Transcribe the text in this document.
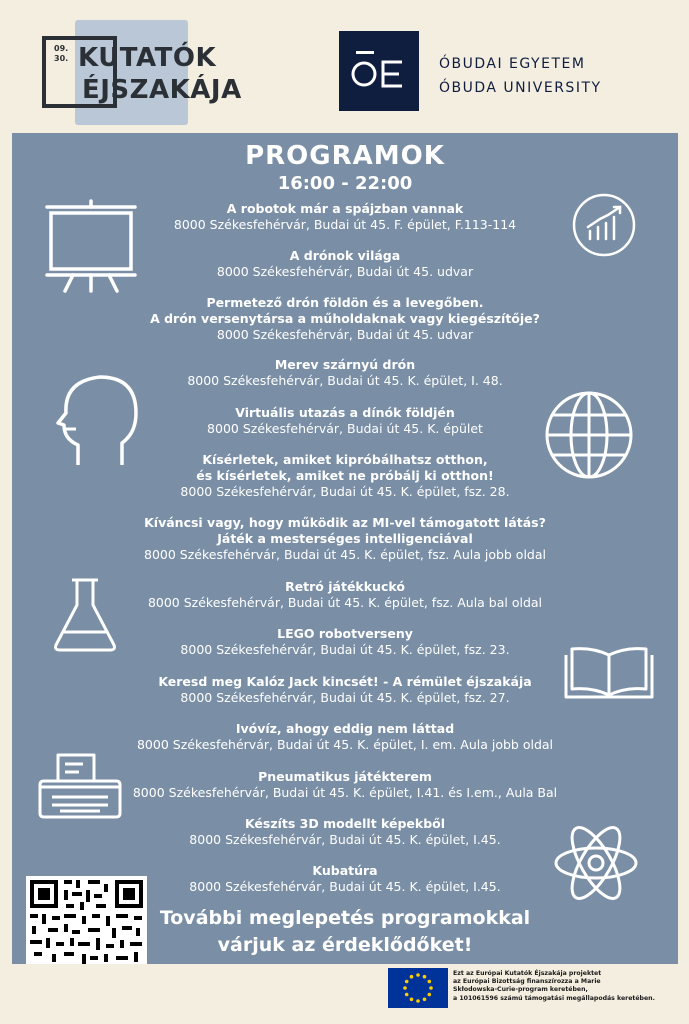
09.
30. KUTATÓK
ÉJSZAKÁJA
ÓBUDAI EGYETEM
ÓBUDA UNIVERSITY
PROGRAMOK
16:00 - 22:00
A robotok már a spájzban vannak
8000 Székesfehérvár, Budai út 45. F. épület, F.113-114
A drónok világa
8000 Székesfehérvár, Budai út 45. udvar
Permetező drón földön és a levegőben.
A drón versenytársa a műholdaknak vagy kiegészítője?
8000 Székesfehérvár, Budai út 45. udvar
Merev szárnyú drón
8000 Székesfehérvár, Budai út 45. K. épület, I. 48.
Virtuális utazás a dínók földjén
8000 Székesfehérvár, Budai út 45. K. épület
Kísérletek, amiket kipróbálhatsz otthon,
és kísérletek, amiket ne próbálj ki otthon!
8000 Székesfehérvár, Budai út 45. K. épület, fsz. 28.
Kíváncsi vagy, hogy működik az MI-vel támogatott látás?
Játék a mesterséges intelligenciával
8000 Székesfehérvár, Budai út 45. K. épület, fsz. Aula jobb oldal
Retró játékkuckó
8000 Székesfehérvár, Budai út 45. K. épület, fsz. Aula bal oldal
LEGO robotverseny
8000 Székesfehérvár, Budai út 45. K. épület, fsz. 23.
Keresd meg Kalóz Jack kincsét! - A rémület éjszakája
8000 Székesfehérvár, Budai út 45. K. épület, fsz. 27.
Ivóvíz, ahogy eddig nem láttad
8000 Székesfehérvár, Budai út 45. K. épület, I. em. Aula jobb oldal
Pneumatikus játékterem
8000 Székesfehérvár, Budai út 45. K. épület, I.41. és I.em., Aula Bal
Készíts 3D modellt képekből
8000 Székesfehérvár, Budai út 45. K. épület, I.45.
Kubatúra
8000 Székesfehérvár, Budai út 45. K. épület, I.45.
További meglepetés programokkal
várjuk az érdeklődőket!
Ezt az Európai Kutatók Éjszakája projektet
az Európai Bizottság finanszírozza a Marie
Skłodowska-Curie-program keretében,
a 101061596 számú támogatási megállapodás keretében.
